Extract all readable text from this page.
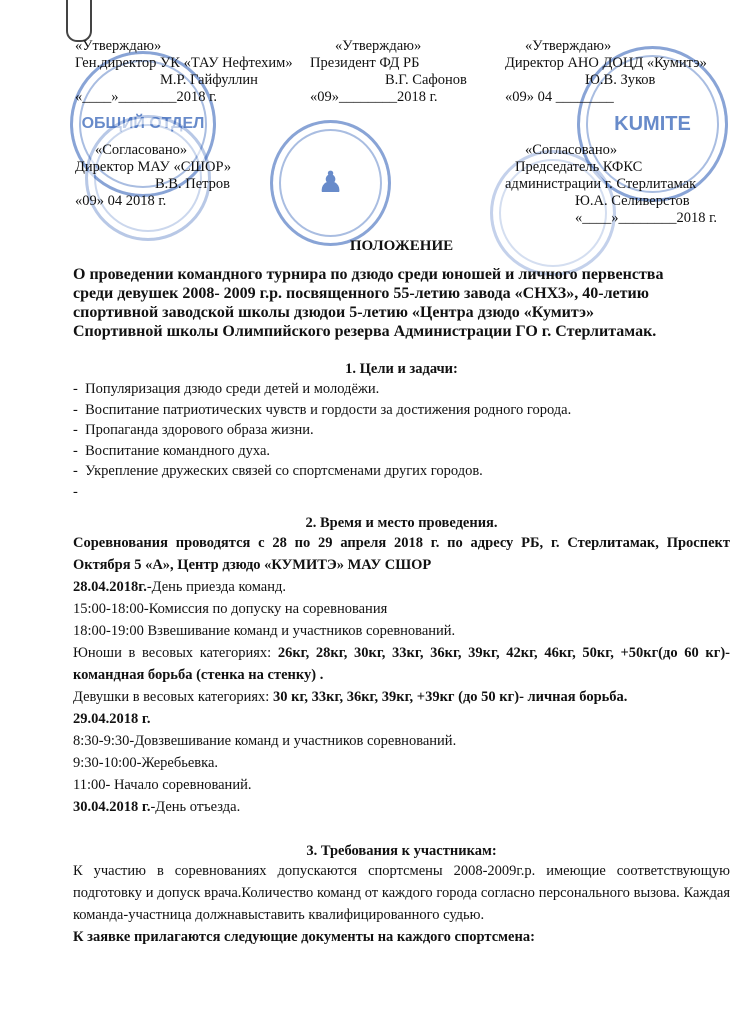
ОБЩИЙ ОТДЕЛ
♟
KUMITE
«Утверждаю»
Ген.директор УК «ТАУ Нефтехим»
М.Р. Гайфуллин
«____»________2018 г.
«Утверждаю»
Президент ФД РБ
В.Г. Сафонов
«09»________2018 г.
«Утверждаю»
Директор АНО ДОЦД «Кумитэ»
Ю.В. Зуков
«09» 04 ________
«Согласовано»
Директор МАУ «СШОР»
В.В. Петров
«09» 04 2018 г.
«Согласовано»
Председатель КФКС
администрации г. Стерлитамак
Ю.А. Селиверстов
«____»________2018 г.
ПОЛОЖЕНИЕ
О проведении командного турнира по дзюдо среди юношей и личного первенства среди девушек 2008- 2009 г.р. посвященного 55-летию завода «СНХЗ», 40-летию спортивной заводской школы дзюдои 5-летию «Центра дзюдо «Кумитэ» Спортивной школы Олимпийского резерва Администрации ГО г. Стерлитамак.
1. Цели и задачи:
-  Популяризация дзюдо среди детей и молодёжи.
-  Воспитание патриотических чувств и гордости за достижения родного города.
-  Пропаганда здорового образа жизни.
-  Воспитание командного духа.
-  Укрепление дружеских связей со спортсменами других городов.
-
2. Время и место проведения.
Соревнования проводятся с 28 по 29 апреля 2018 г. по адресу РБ, г. Стерлитамак, Проспект Октября 5 «А», Центр дзюдо «КУМИТЭ» МАУ СШОР
28.04.2018г.-День приезда команд.
15:00-18:00-Комиссия по допуску на соревнования
18:00-19:00 Взвешивание команд и участников соревнований.
Юноши в весовых категориях: 26кг, 28кг, 30кг, 33кг, 36кг, 39кг, 42кг, 46кг, 50кг, +50кг(до 60 кг)- командная борьба (стенка на стенку) .
Девушки в весовых категориях: 30 кг, 33кг, 36кг, 39кг, +39кг (до 50 кг)- личная борьба.
29.04.2018 г.
8:30-9:30-Довзвешивание команд и участников соревнований.
9:30-10:00-Жеребьевка.
11:00- Начало соревнований.
30.04.2018 г.-День отъезда.
3. Требования к участникам:
К участию в соревнованиях допускаются спортсмены 2008-2009г.р. имеющие соответствующую подготовку и допуск врача.Количество команд от каждого города согласно персонального вызова. Каждая команда-участница должнавыставить квалифицированного судью.
К заявке прилагаются следующие документы на каждого спортсмена:
